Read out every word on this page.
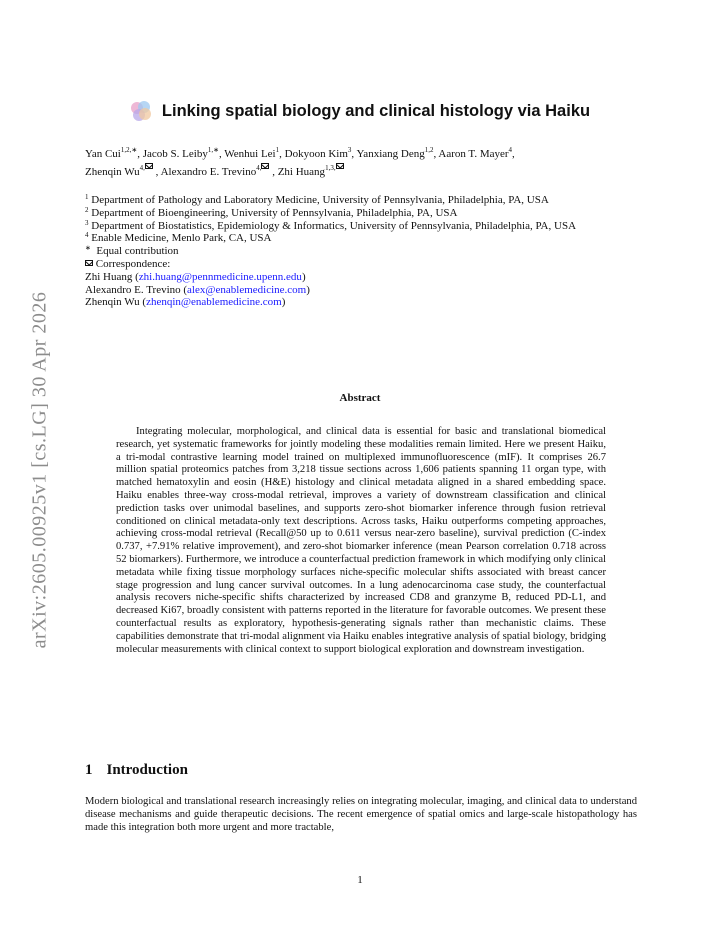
arXiv:2605.00925v1 [cs.LG] 30 Apr 2026
Linking spatial biology and clinical histology via Haiku
Yan Cui$^{1,2,∗}$, Jacob S. Leiby$^{1,∗}$, Wenhui Lei$^1$, Dokyoon Kim$^3$, Yanxiang Deng$^{1,2}$, Aaron T. Mayer$^4$,
Zhenqin $Wu^{4,}$ , Alexandro E. Trevino$^{4,}$ , Zhi Huang$^{1,3,}$
$^1$ Department of Pathology and Laboratory Medicine, University of Pennsylvania, Philadelphia, PA, USA
$^2$ Department of Bioengineering, University of Pennsylvania, Philadelphia, PA, USA
$^3$ Department of Biostatistics, Epidemiology & Informatics, University of Pennsylvania, Philadelphia, PA, USA
$^4$ Enable Medicine, Menlo Park, CA, USA
∗ Equal contribution
Correspondence:
Zhi Huang (zhi.huang@pennmedicine.upenn.edu)
Alexandro E. Trevino (alex@enablemedicine.com)
Zhenqin Wu (zhenqin@enablemedicine.com)
Abstract
Integrating molecular, morphological, and clinical data is essential for basic and translational biomedical research, yet systematic frameworks for jointly modeling these modalities remain limited. Here we present Haiku, a tri-modal contrastive learning model trained on multiplexed immunofluorescence (mIF). It comprises 26.7 million spatial proteomics patches from 3,218 tissue sections across 1,606 patients spanning 11 organ type, with matched hematoxylin and eosin (H&E) histology and clinical metadata aligned in a shared embedding space. Haiku enables three-way cross-modal retrieval, improves a variety of downstream classification and clinical prediction tasks over unimodal baselines, and supports zero-shot biomarker inference through fusion retrieval conditioned on clinical metadata-only text descriptions. Across tasks, Haiku outperforms competing approaches, achieving cross-modal retrieval (Recall@50 up to 0.611 versus near-zero baseline), survival prediction (C-index 0.737, +7.91% relative improvement), and zero-shot biomarker inference (mean Pearson correlation 0.718 across 52 biomarkers). Furthermore, we introduce a counterfactual prediction framework in which modifying only clinical metadata while fixing tissue morphology surfaces niche-specific molecular shifts associated with breast cancer stage progression and lung cancer survival outcomes. In a lung adenocarcinoma case study, the counterfactual analysis recovers niche-specific shifts characterized by increased CD8 and granzyme B, reduced PD-L1, and decreased Ki67, broadly consistent with patterns reported in the literature for favorable outcomes. We present these counterfactual results as exploratory, hypothesis-generating signals rather than mechanistic claims. These capabilities demonstrate that tri-modal alignment via Haiku enables integrative analysis of spatial biology, bridging molecular measurements with clinical context to support biological exploration and downstream investigation.
1 Introduction
Modern biological and translational research increasingly relies on integrating molecular, imaging, and clinical data to understand disease mechanisms and guide therapeutic decisions. The recent emergence of spatial omics and large-scale histopathology has made this integration both more urgent and more tractable,
1
